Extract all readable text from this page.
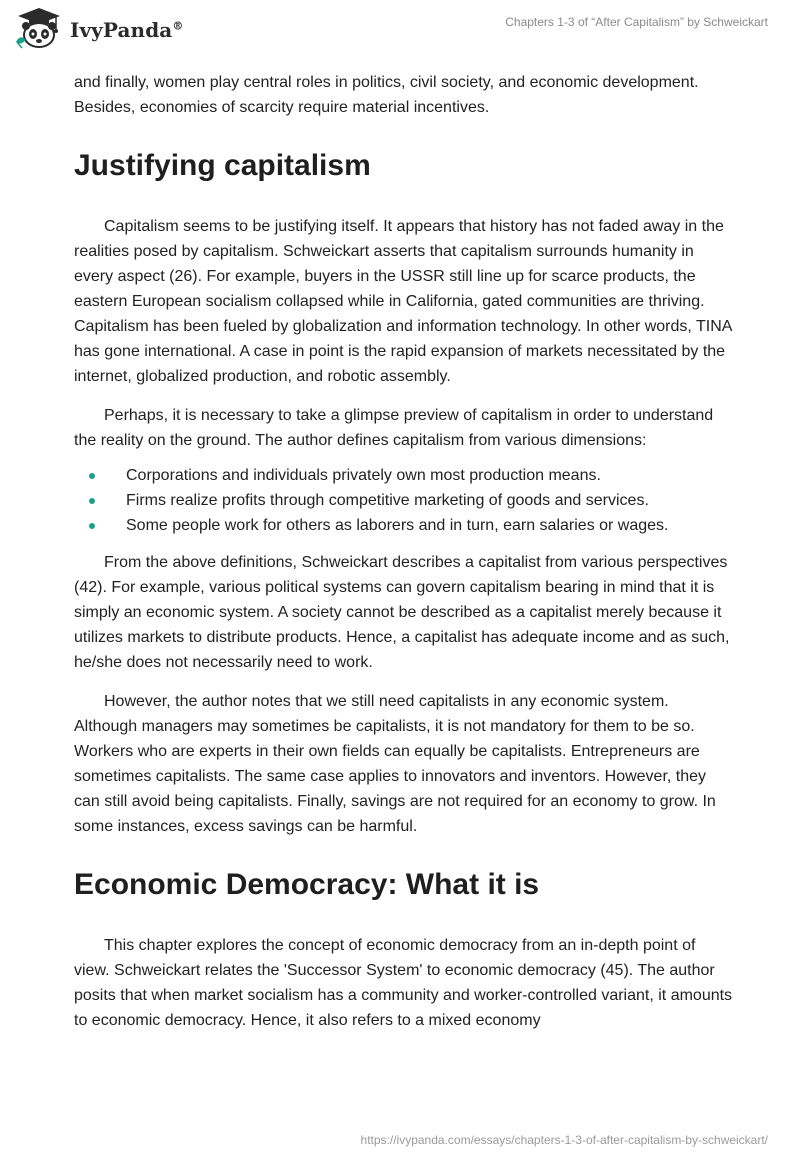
IvyPanda®	Chapters 1-3 of “After Capitalism” by Schweickart

and finally, women play central roles in politics, civil society, and economic development. Besides, economies of scarcity require material incentives.

Justifying capitalism

Capitalism seems to be justifying itself. It appears that history has not faded away in the realities posed by capitalism. Schweickart asserts that capitalism surrounds humanity in every aspect (26). For example, buyers in the USSR still line up for scarce products, the eastern European socialism collapsed while in California, gated communities are thriving. Capitalism has been fueled by globalization and information technology. In other words, TINA has gone international. A case in point is the rapid expansion of markets necessitated by the internet, globalized production, and robotic assembly.

Perhaps, it is necessary to take a glimpse preview of capitalism in order to understand the reality on the ground. The author defines capitalism from various dimensions:

Corporations and individuals privately own most production means.
Firms realize profits through competitive marketing of goods and services.
Some people work for others as laborers and in turn, earn salaries or wages.

From the above definitions, Schweickart describes a capitalist from various perspectives (42). For example, various political systems can govern capitalism bearing in mind that it is simply an economic system. A society cannot be described as a capitalist merely because it utilizes markets to distribute products. Hence, a capitalist has adequate income and as such, he/she does not necessarily need to work.

However, the author notes that we still need capitalists in any economic system. Although managers may sometimes be capitalists, it is not mandatory for them to be so. Workers who are experts in their own fields can equally be capitalists. Entrepreneurs are sometimes capitalists. The same case applies to innovators and inventors. However, they can still avoid being capitalists. Finally, savings are not required for an economy to grow. In some instances, excess savings can be harmful.

Economic Democracy: What it is

This chapter explores the concept of economic democracy from an in-depth point of view. Schweickart relates the 'Successor System' to economic democracy (45). The author posits that when market socialism has a community and worker-controlled variant, it amounts to economic democracy. Hence, it also refers to a mixed economy

https://ivypanda.com/essays/chapters-1-3-of-after-capitalism-by-schweickart/
